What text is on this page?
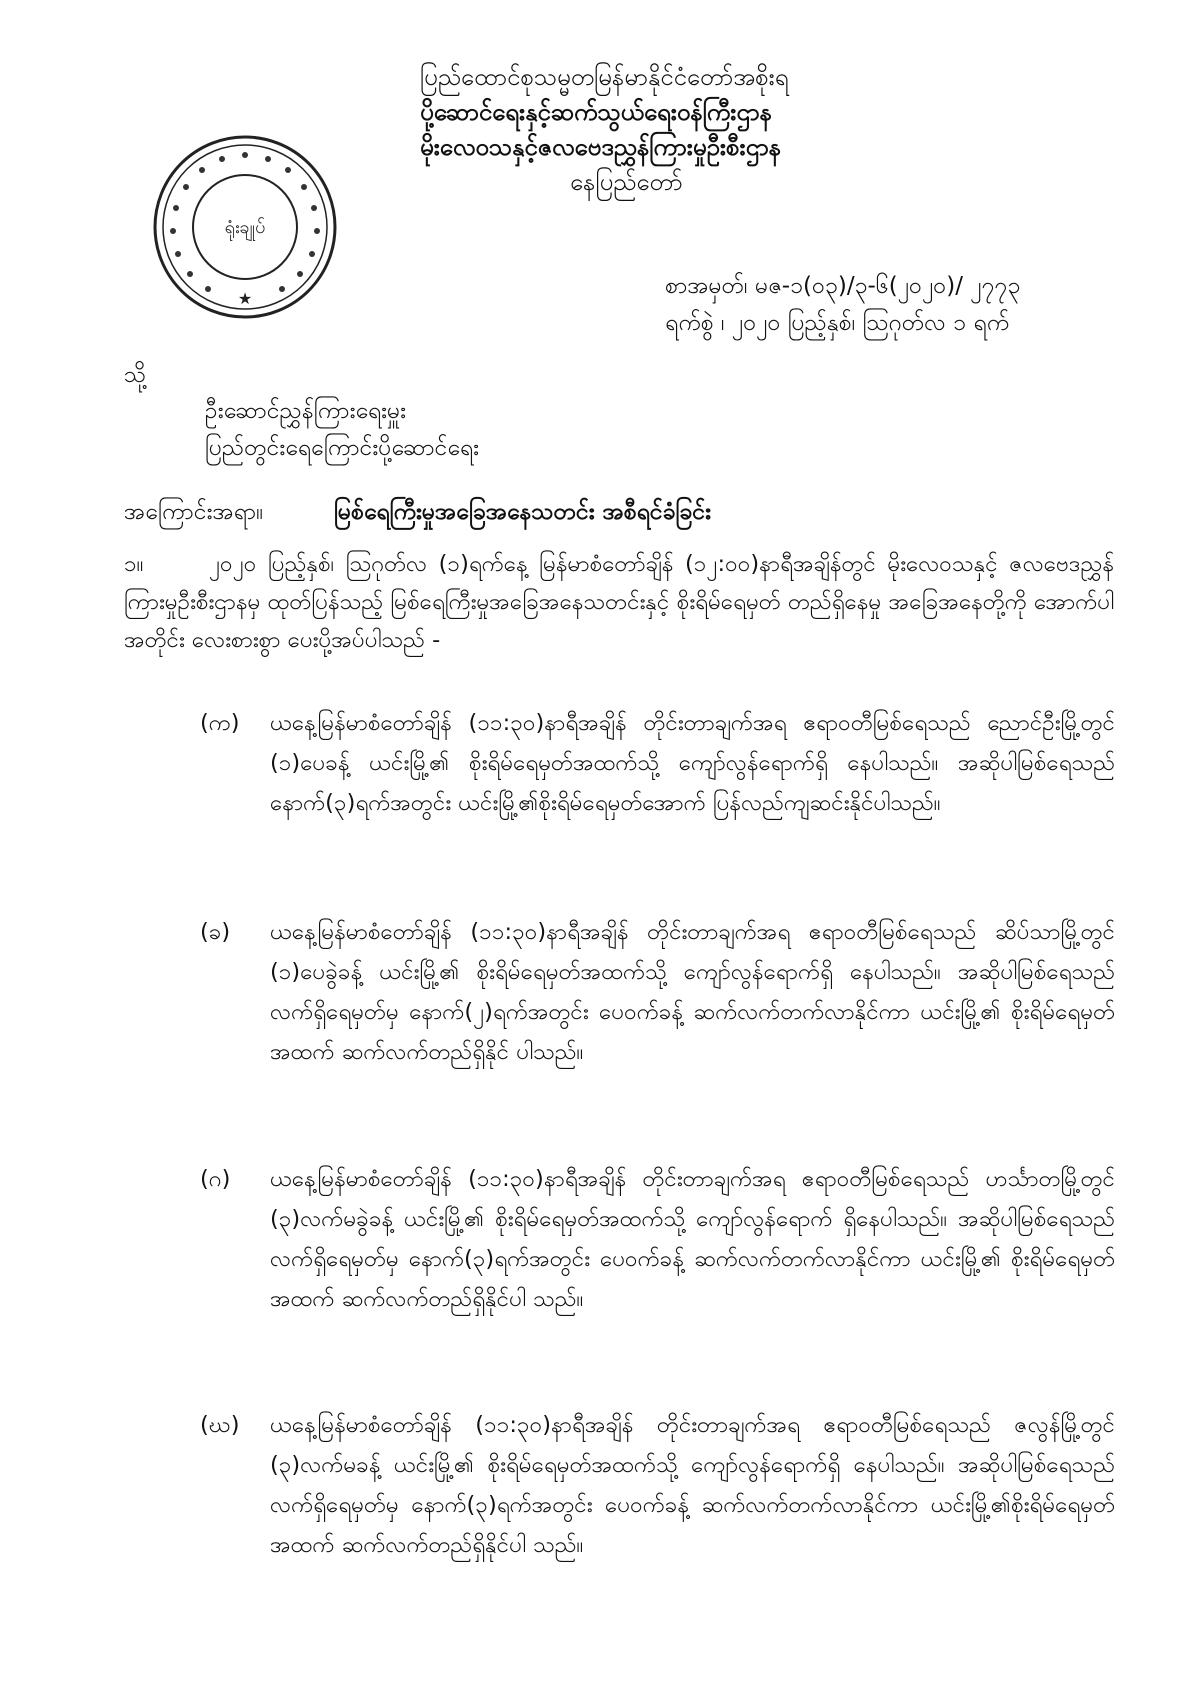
★
ရုံးချုပ်
ပြည်ထောင်စုသမ္မတမြန်မာနိုင်ငံတော်အစိုးရ
ပို့ဆောင်ရေးနှင့်ဆက်သွယ်ရေးဝန်ကြီးဌာန
မိုးလေဝသနှင့်ဇလဗေဒညွှန်ကြားမှုဦးစီးဌာန
နေပြည်တော်
စာအမှတ်၊ မဇ-၁(၀၃)/၃-၆(၂၀၂၀)/ ၂၇၇၃
ရက်စွဲ ၊ ၂၀၂၀ ပြည့်နှစ်၊ ဩဂုတ်လ ၁ ရက်
သို့
ဦးဆောင်ညွှန်ကြားရေးမှူး
ပြည်တွင်းရေကြောင်းပို့ဆောင်ရေး
အကြောင်းအရာ။	မြစ်ရေကြီးမှုအခြေအနေသတင်း အစီရင်ခံခြင်း
၁။	၂၀၂၀ ပြည့်နှစ်၊ ဩဂုတ်လ (၁)ရက်နေ့ မြန်မာစံတော်ချိန် (၁၂:၀၀)နာရီအချိန်တွင် မိုးလေဝသနှင့် ဇလဗေဒညွှန်ကြားမှုဦးစီးဌာနမှ ထုတ်ပြန်သည့် မြစ်ရေကြီးမှုအခြေအနေသတင်းနှင့် စိုးရိမ်ရေမှတ် တည်ရှိနေမှု အခြေအနေတို့ကို အောက်ပါအတိုင်း လေးစားစွာ ပေးပို့အပ်ပါသည် -
(က)	ယနေ့မြန်မာစံတော်ချိန် (၁၁:၃၀)နာရီအချိန် တိုင်းတာချက်အရ ဧရာဝတီမြစ်ရေသည် ညောင်ဦးမြို့တွင် (၁)ပေခန့် ယင်းမြို့၏ စိုးရိမ်ရေမှတ်အထက်သို့ ကျော်လွန်ရောက်ရှိ နေပါသည်။ အဆိုပါမြစ်ရေသည် နောက်(၃)ရက်အတွင်း ယင်းမြို့၏စိုးရိမ်ရေမှတ်အောက် ပြန်လည်ကျဆင်းနိုင်ပါသည်။
(ခ)	ယနေ့မြန်မာစံတော်ချိန် (၁၁:၃၀)နာရီအချိန် တိုင်းတာချက်အရ ဧရာဝတီမြစ်ရေသည် ဆိပ်သာမြို့တွင် (၁)ပေခွဲခန့် ယင်းမြို့၏ စိုးရိမ်ရေမှတ်အထက်သို့ ကျော်လွန်ရောက်ရှိ နေပါသည်။ အဆိုပါမြစ်ရေသည် လက်ရှိရေမှတ်မှ နောက်(၂)ရက်အတွင်း ပေဝက်ခန့် ဆက်လက်တက်လာနိုင်ကာ ယင်းမြို့၏ စိုးရိမ်ရေမှတ်အထက် ဆက်လက်တည်ရှိနိုင် ပါသည်။
(ဂ)	ယနေ့မြန်မာစံတော်ချိန် (၁၁:၃၀)နာရီအချိန် တိုင်းတာချက်အရ ဧရာဝတီမြစ်ရေသည် ဟင်္သာတမြို့တွင် (၃)လက်မခွဲခန့် ယင်းမြို့၏ စိုးရိမ်ရေမှတ်အထက်သို့ ကျော်လွန်ရောက် ရှိနေပါသည်။ အဆိုပါမြစ်ရေသည် လက်ရှိရေမှတ်မှ နောက်(၃)ရက်အတွင်း ပေဝက်ခန့် ဆက်လက်တက်လာနိုင်ကာ ယင်းမြို့၏ စိုးရိမ်ရေမှတ်အထက် ဆက်လက်တည်ရှိနိုင်ပါ သည်။
(ဃ)	ယနေ့မြန်မာစံတော်ချိန် (၁၁:၃၀)နာရီအချိန် တိုင်းတာချက်အရ ဧရာဝတီမြစ်ရေသည် ဇလွန်မြို့တွင် (၃)လက်မခန့် ယင်းမြို့၏ စိုးရိမ်ရေမှတ်အထက်သို့ ကျော်လွန်ရောက်ရှိ နေပါသည်။ အဆိုပါမြစ်ရေသည် လက်ရှိရေမှတ်မှ နောက်(၃)ရက်အတွင်း ပေဝက်ခန့် ဆက်လက်တက်လာနိုင်ကာ ယင်းမြို့၏စိုးရိမ်ရေမှတ်အထက် ဆက်လက်တည်ရှိနိုင်ပါ သည်။
